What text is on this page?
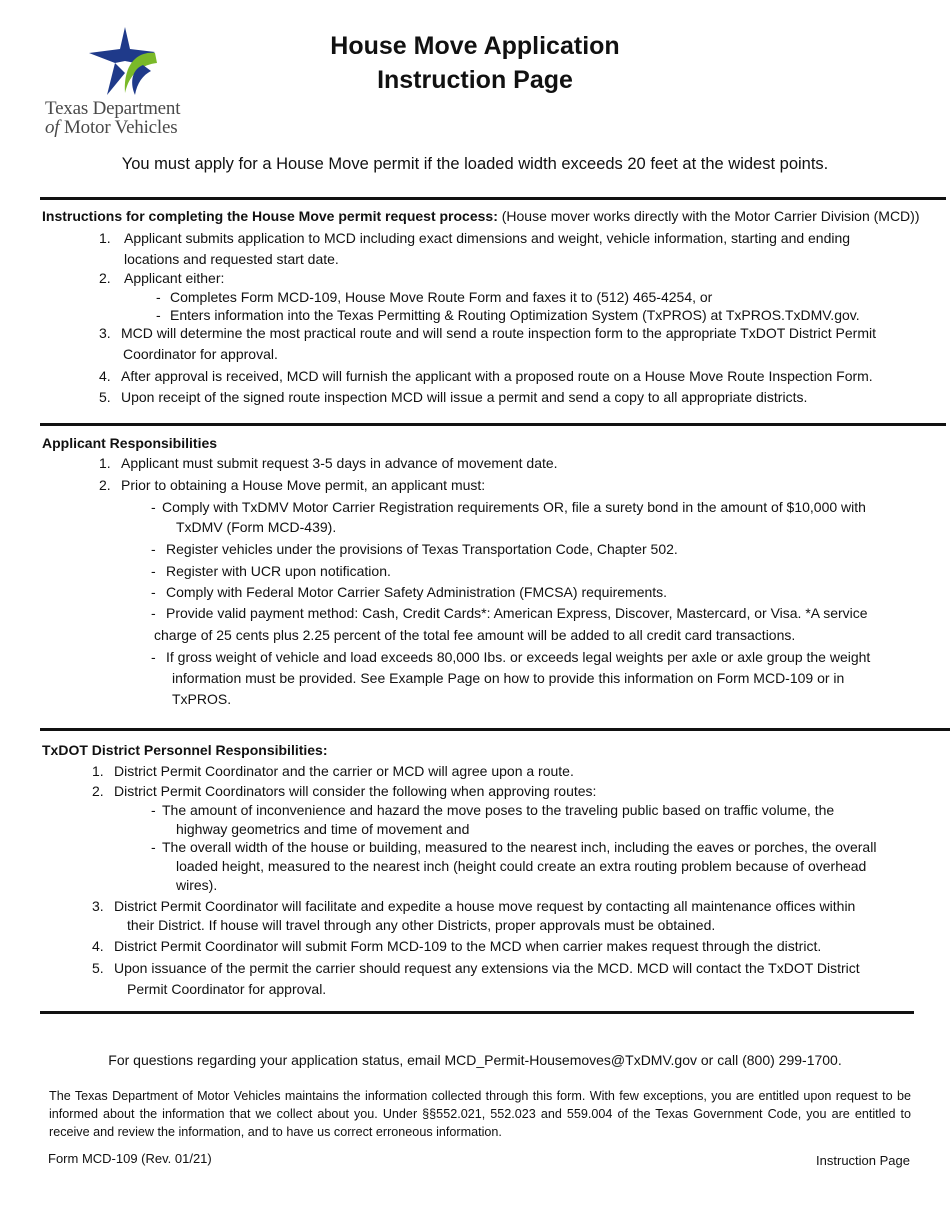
Texas Department
of Motor Vehicles
House Move Application
Instruction Page
You must apply for a House Move permit if the loaded width exceeds 20 feet at the widest points.
Instructions for completing the House Move permit request process: (House mover works directly with the Motor Carrier Division (MCD))
1. Applicant submits application to MCD including exact dimensions and weight, vehicle information, starting and ending
locations and requested start date.
2. Applicant either:
- Completes Form MCD-109, House Move Route Form and faxes it to (512) 465-4254, or
- Enters information into the Texas Permitting & Routing Optimization System (TxPROS) at TxPROS.TxDMV.gov.
3. MCD will determine the most practical route and will send a route inspection form to the appropriate TxDOT District Permit
Coordinator for approval.
4. After approval is received, MCD will furnish the applicant with a proposed route on a House Move Route Inspection Form.
5. Upon receipt of the signed route inspection MCD will issue a permit and send a copy to all appropriate districts.
Applicant Responsibilities
1. Applicant must submit request 3-5 days in advance of movement date.
2. Prior to obtaining a House Move permit, an applicant must:
- Comply with TxDMV Motor Carrier Registration requirements OR, file a surety bond in the amount of $10,000 with
TxDMV (Form MCD-439).
- Register vehicles under the provisions of Texas Transportation Code, Chapter 502.
- Register with UCR upon notification.
- Comply with Federal Motor Carrier Safety Administration (FMCSA) requirements.
- Provide valid payment method: Cash, Credit Cards*: American Express, Discover, Mastercard, or Visa. *A service
charge of 25 cents plus 2.25 percent of the total fee amount will be added to all credit card transactions.
- If gross weight of vehicle and load exceeds 80,000 Ibs. or exceeds legal weights per axle or axle group the weight
information must be provided. See Example Page on how to provide this information on Form MCD-109 or in
TxPROS.
TxDOT District Personnel Responsibilities:
1. District Permit Coordinator and the carrier or MCD will agree upon a route.
2. District Permit Coordinators will consider the following when approving routes:
- The amount of inconvenience and hazard the move poses to the traveling public based on traffic volume, the
highway geometrics and time of movement and
- The overall width of the house or building, measured to the nearest inch, including the eaves or porches, the overall
loaded height, measured to the nearest inch (height could create an extra routing problem because of overhead
wires).
3. District Permit Coordinator will facilitate and expedite a house move request by contacting all maintenance offices within
their District. If house will travel through any other Districts, proper approvals must be obtained.
4. District Permit Coordinator will submit Form MCD-109 to the MCD when carrier makes request through the district.
5. Upon issuance of the permit the carrier should request any extensions via the MCD. MCD will contact the TxDOT District
Permit Coordinator for approval.
For questions regarding your application status, email MCD_Permit-Housemoves@TxDMV.gov or call (800) 299-1700.
The Texas Department of Motor Vehicles maintains the information collected through this form. With few exceptions, you are entitled upon request to be informed about the information that we collect about you. Under §§552.021, 552.023 and 559.004 of the Texas Government Code, you are entitled to receive and review the information, and to have us correct erroneous information.
Form MCD-109 (Rev. 01/21)	Instruction Page
